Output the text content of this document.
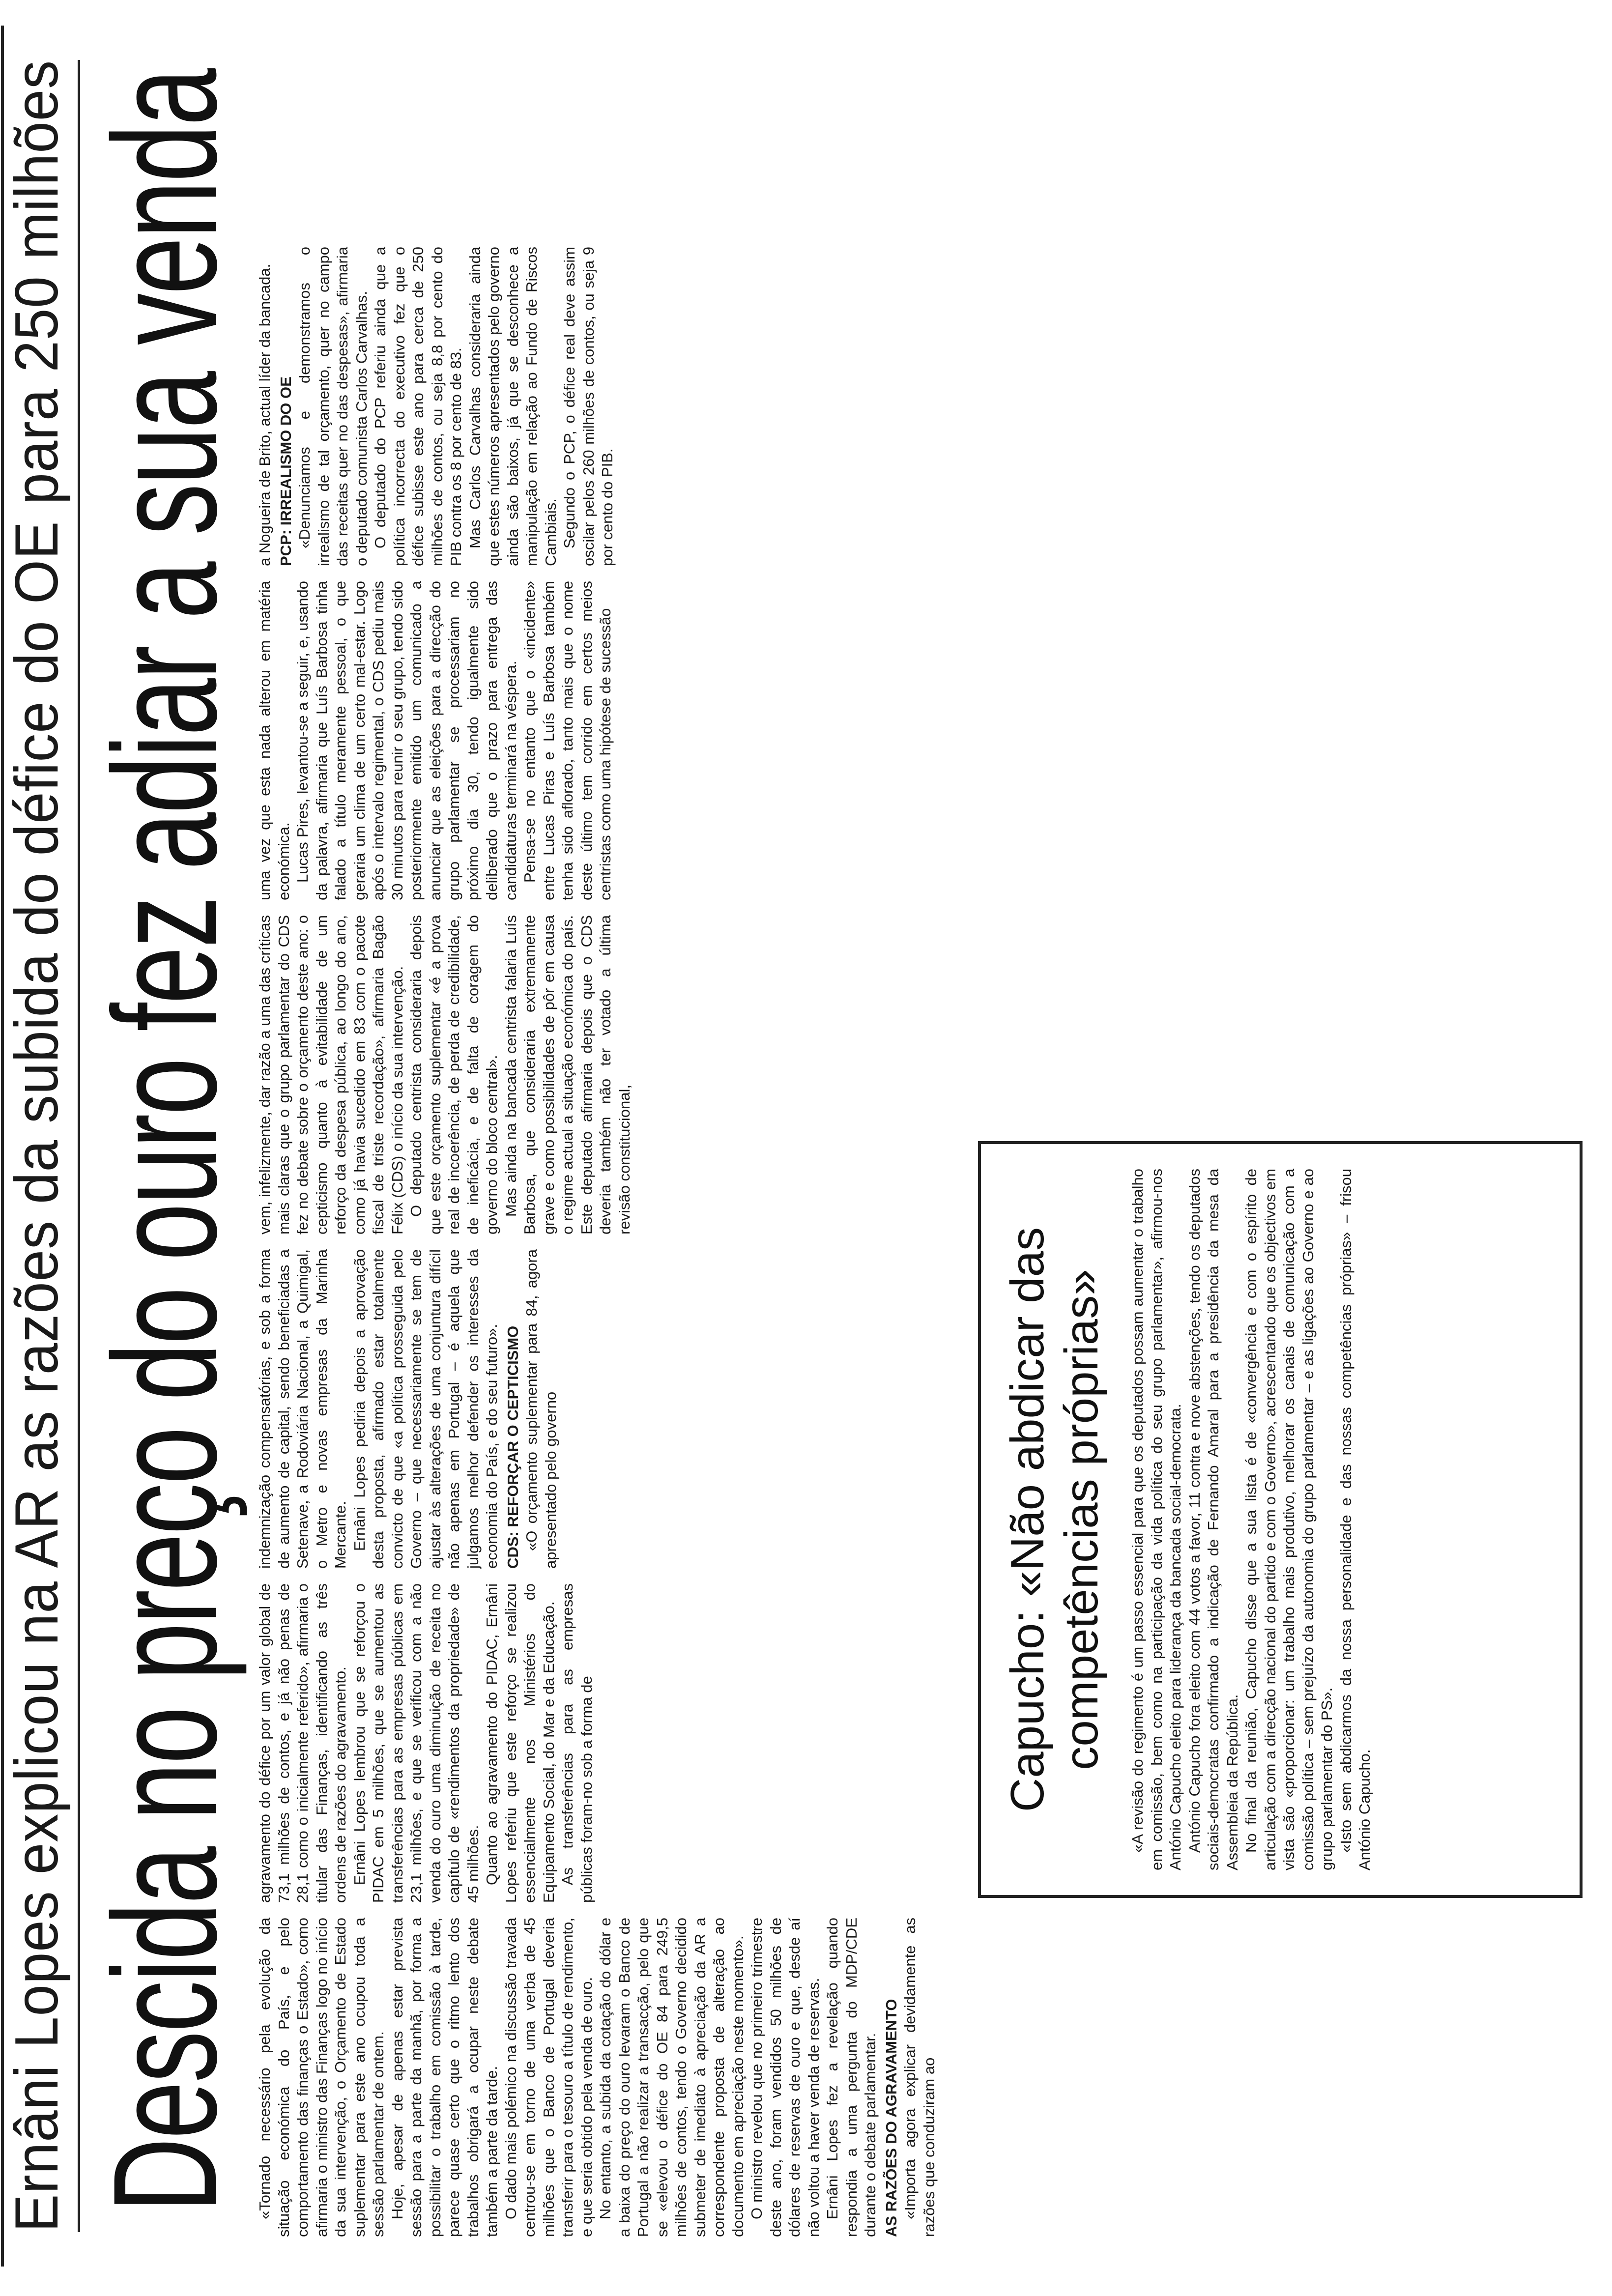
Ernâni Lopes explicou na AR as razões da subida do défice do OE para 250 milhões Descida no preço do ouro fez adiar a sua venda «Tornado necessário pela evolução da situação económica do País, e pelo comportamento das finanças o Estado», como afirmaria o ministro das Finanças logo no início da sua intervenção, o Orçamento de Estado suplementar para este ano ocupou toda a sessão parlamentar de ontem. Hoje, apesar de apenas estar prevista sessão para a parte da manhã, por forma a possibilitar o trabalho em comissão à tarde, parece quase certo que o ritmo lento dos trabalhos obrigará a ocupar neste debate também a parte da tarde. O dado mais polémico na discussão travada centrou-se em torno de uma verba de 45 milhões que o Banco de Portugal deveria transferir para o tesouro a título de rendimento, e que seria obtido pela venda de ouro. No entanto, a subida da cotação do dólar e a baixa do preço do ouro levaram o Banco de Portugal a não realizar a transacção, pelo que se «elevou o défice do OE 84 para 249,5 milhões de contos, tendo o Governo decidido submeter de imediato à apreciação da AR a correspondente proposta de alteração ao documento em apreciação neste momento». O ministro revelou que no primeiro trimestre deste ano, foram vendidos 50 milhões de dólares de reservas de ouro e que, desde aí não voltou a haver venda de reservas. Ernâni Lopes fez a revelação quando respondia a uma pergunta do MDP/CDE durante o debate parlamentar. AS RAZÕES DO AGRAVAMENTO «Importa agora explicar devidamente as razões que conduziram ao

agravamento do défice por um valor global de 73,1 milhões de contos, e já não penas de 28,1 como o inicialmente referido», afirmaria o titular das Finanças, identificando as três ordens de razões do agravamento. Ernâni Lopes lembrou que se reforçou o PIDAC em 5 milhões, que se aumentou as transferências para as empresas públicas em 23,1 milhões, e que se verificou com a não venda do ouro uma diminuição de receita no capítulo de «rendimentos da propriedade» de 45 milhões. Quanto ao agravamento do PIDAC, Ernâni Lopes referiu que este reforço se realizou essencialmente nos Ministérios do Equipamento Social, do Mar e da Educação. As transferências para as empresas públicas foram-no sob a forma de

indemnização compensatórias, e sob a forma de aumento de capital, sendo beneficiadas a Setenave, a Rodoviária Nacional, a Quimigal, o Metro e novas empresas da Marinha Mercante. Ernâni Lopes pediria depois a aprovação desta proposta, afirmado estar totalmente convicto de que «a política prosseguida pelo Governo – que necessariamente se tem de ajustar às alterações de uma conjuntura difícil não apenas em Portugal – é aquela que julgamos melhor defender os interesses da economia do País, e do seu futuro». CDS: REFORÇAR O CEPTICISMO «O orçamento suplementar para 84, agora apresentado pelo governo

vem, infelizmente, dar razão a uma das críticas mais claras que o grupo parlamentar do CDS fez no debate sobre o orçamento deste ano: o cepticismo quanto à evitabilidade de um reforço da despesa pública, ao longo do ano, como já havia sucedido em 83 com o pacote fiscal de triste recordação», afirmaria Bagão Félix (CDS) o início da sua intervenção. O deputado centrista consideraria depois que este orçamento suplementar «é a prova real de incoerência, de perda de credibilidade, de ineficácia, e de falta de coragem do governo do bloco central». Mas ainda na bancada centrista falaria Luís Barbosa, que consideraria extremamente grave e como possibilidades de pôr em causa o regime actual a situação económica do país. Este deputado afirmaria depois que o CDS deveria também não ter votado a última revisão constitucional,

uma vez que esta nada alterou em matéria económica. Lucas Pires, levantou-se a seguir, e, usando da palavra, afirmaria que Luís Barbosa tinha falado a título meramente pessoal, o que geraria um clima de um certo mal-estar. Logo após o intervalo regimental, o CDS pediu mais 30 minutos para reunir o seu grupo, tendo sido posteriormente emitido um comunicado a anunciar que as eleições para a direcção do grupo parlamentar se processariam no próximo dia 30, tendo igualmente sido deliberado que o prazo para entrega das candidaturas terminará na véspera. Pensa-se no entanto que o «incidente» entre Lucas Piras e Luís Barbosa também tenha sido aflorado, tanto mais que o nome deste último tem corrido em certos meios centristas como uma hipótese de sucessão

a Nogueira de Brito, actual líder da bancada. PCP: IRREALISMO DO OE «Denunciamos e demonstramos o irrealismo de tal orçamento, quer no campo das receitas quer no das despesas», afirmaria o deputado comunista Carlos Carvalhas. O deputado do PCP referiu ainda que a política incorrecta do executivo fez que o défice subisse este ano para cerca de 250 milhões de contos, ou seja 8,8 por cento do PIB contra os 8 por cento de 83. Mas Carlos Carvalhas consideraria ainda que estes números apresentados pelo governo ainda são baixos, já que se desconhece a manipulação em relação ao Fundo de Riscos Cambiais. Segundo o PCP, o défice real deve assim oscilar pelos 260 milhões de contos, ou seja 9 por cento do PIB.

Capucho: «Não abdicar das competências próprias» «A revisão do regimento é um passo essencial para que os deputados possam aumentar o trabalho em comissão, bem como na participação da vida política do seu grupo parlamentar», afirmou-nos António Capucho eleito para liderança da bancada social-democrata. António Capucho fora eleito com 44 votos a favor, 11 contra e nove abstenções, tendo os deputados sociais-democratas confirmado a indicação de Fernando Amaral para a presidência da mesa da Assembleia da República. No final da reunião, Capucho disse que a sua lista é de «convergência e com o espírito de articulação com a direcção nacional do partido e com o Governo», acrescentando que os objectivos em vista são «proporcionar: um trabalho mais produtivo, melhorar os canais de comunicação com a comissão política – sem prejuízo da autonomia do grupo parlamentar – e as ligações ao Governo e ao grupo parlamentar do PS». «Isto sem abdicarmos da nossa personalidade e das nossas competências próprias» – frisou António Capucho.
